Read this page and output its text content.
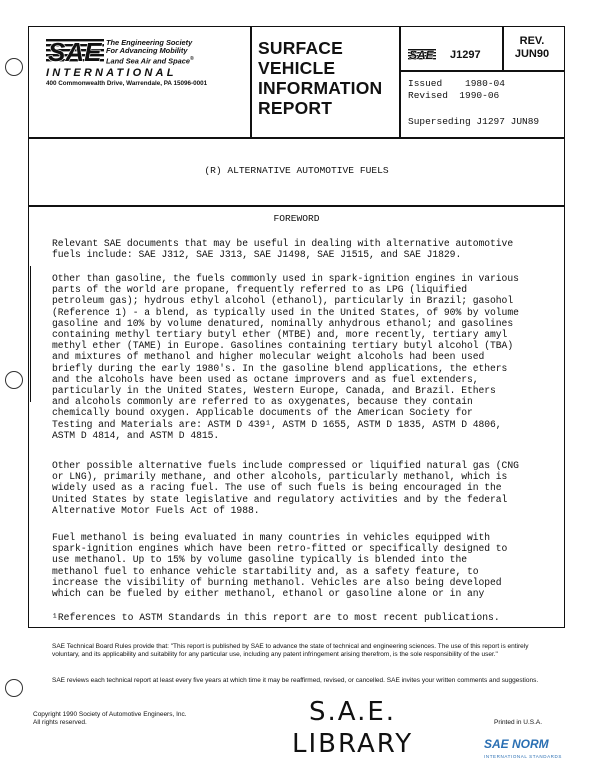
SAE The Engineering Society
For Advancing Mobility
Land Sea Air and Space®
INTERNATIONAL
400 Commonwealth Drive, Warrendale, PA 15096-0001
SURFACE
VEHICLE
INFORMATION
REPORT
SAE J1297
REV.
JUN90
Issued    1980-04
Revised  1990-06
Superseding J1297 JUN89
(R) ALTERNATIVE AUTOMOTIVE FUELS
FOREWORD
Relevant SAE documents that may be useful in dealing with alternative automotive
fuels include: SAE J312, SAE J313, SAE J1498, SAE J1515, and SAE J1829.
Other than gasoline, the fuels commonly used in spark-ignition engines in various
parts of the world are propane, frequently referred to as LPG (liquified
petroleum gas); hydrous ethyl alcohol (ethanol), particularly in Brazil; gasohol
(Reference 1) - a blend, as typically used in the United States, of 90% by volume
gasoline and 10% by volume denatured, nominally anhydrous ethanol; and gasolines
containing methyl tertiary butyl ether (MTBE) and, more recently, tertiary amyl
methyl ether (TAME) in Europe. Gasolines containing tertiary butyl alcohol (TBA)
and mixtures of methanol and higher molecular weight alcohols had been used
briefly during the early 1980's. In the gasoline blend applications, the ethers
and the alcohols have been used as octane improvers and as fuel extenders,
particularly in the United States, Western Europe, Canada, and Brazil. Ethers
and alcohols commonly are referred to as oxygenates, because they contain
chemically bound oxygen. Applicable documents of the American Society for
Testing and Materials are: ASTM D 439¹, ASTM D 1655, ASTM D 1835, ASTM D 4806,
ASTM D 4814, and ASTM D 4815.
Other possible alternative fuels include compressed or liquified natural gas (CNG
or LNG), primarily methane, and other alcohols, particularly methanol, which is
widely used as a racing fuel. The use of such fuels is being encouraged in the
United States by state legislative and regulatory activities and by the federal
Alternative Motor Fuels Act of 1988.
Fuel methanol is being evaluated in many countries in vehicles equipped with
spark-ignition engines which have been retro-fitted or specifically designed to
use methanol. Up to 15% by volume gasoline typically is blended into the
methanol fuel to enhance vehicle startability and, as a safety feature, to
increase the visibility of burning methanol. Vehicles are also being developed
which can be fueled by either methanol, ethanol or gasoline alone or in any
¹References to ASTM Standards in this report are to most recent publications.
SAE Technical Board Rules provide that: "This report is published by SAE to advance the state of technical and engineering sciences. The use of this report is entirely voluntary, and its applicability and suitability for any particular use, including any patent infringement arising therefrom, is the sole responsibility of the user."
SAE reviews each technical report at least every five years at which time it may be reaffirmed, revised, or cancelled. SAE invites your written comments and suggestions.
Copyright 1990 Society of Automotive Engineers, Inc.
All rights reserved.	Printed in U.S.A.
S.A.E.
LIBRARY	SAE NORM
INTERNATIONAL STANDARDS
